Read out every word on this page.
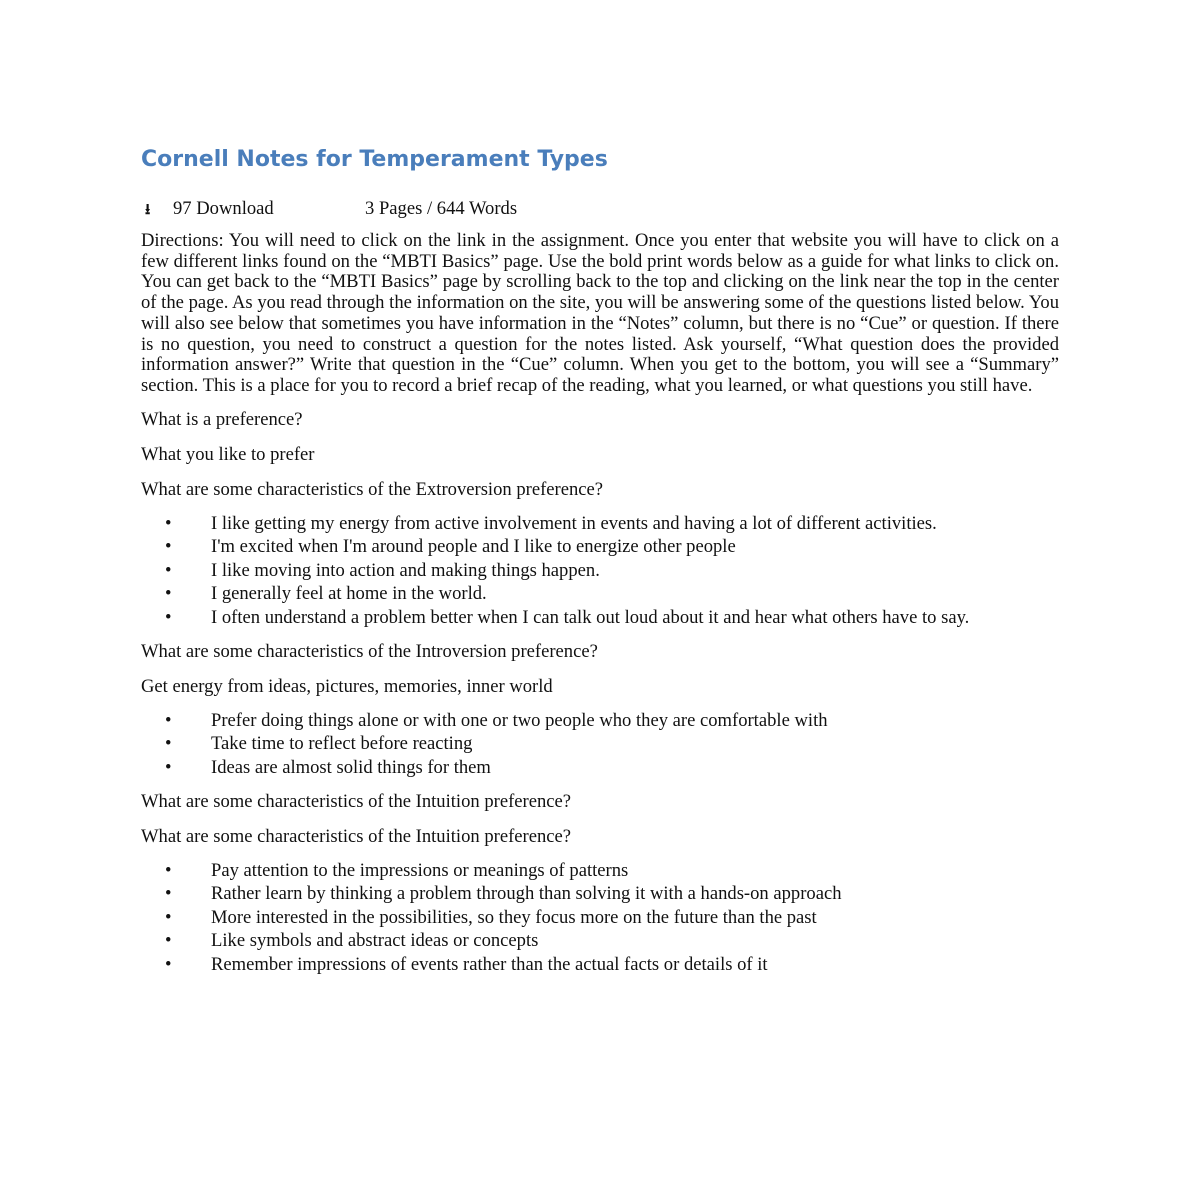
Cornell Notes for Temperament Types
⭳ 97 Download	3 Pages / 644 Words

Directions: You will need to click on the link in the assignment. Once you enter that website you will have to click on a few different links found on the “MBTI Basics” page. Use the bold print words below as a guide for what links to click on. You can get back to the “MBTI Basics” page by scrolling back to the top and clicking on the link near the top in the center of the page. As you read through the information on the site, you will be answering some of the questions listed below. You will also see below that sometimes you have information in the “Notes” column, but there is no “Cue” or question. If there is no question, you need to construct a question for the notes listed. Ask yourself, “What question does the provided information answer?” Write that question in the “Cue” column. When you get to the bottom, you will see a “Summary” section. This is a place for you to record a brief recap of the reading, what you learned, or what questions you still have.

What is a preference?

What you like to prefer

What are some characteristics of the Extroversion preference?

• I like getting my energy from active involvement in events and having a lot of different activities.
• I'm excited when I'm around people and I like to energize other people
• I like moving into action and making things happen.
• I generally feel at home in the world.
• I often understand a problem better when I can talk out loud about it and hear what others have to say.

What are some characteristics of the Introversion preference?

Get energy from ideas, pictures, memories, inner world

• Prefer doing things alone or with one or two people who they are comfortable with
• Take time to reflect before reacting
• Ideas are almost solid things for them

What are some characteristics of the Intuition preference?

What are some characteristics of the Intuition preference?

• Pay attention to the impressions or meanings of patterns
• Rather learn by thinking a problem through than solving it with a hands-on approach
• More interested in the possibilities, so they focus more on the future than the past
• Like symbols and abstract ideas or concepts
• Remember impressions of events rather than the actual facts or details of it
